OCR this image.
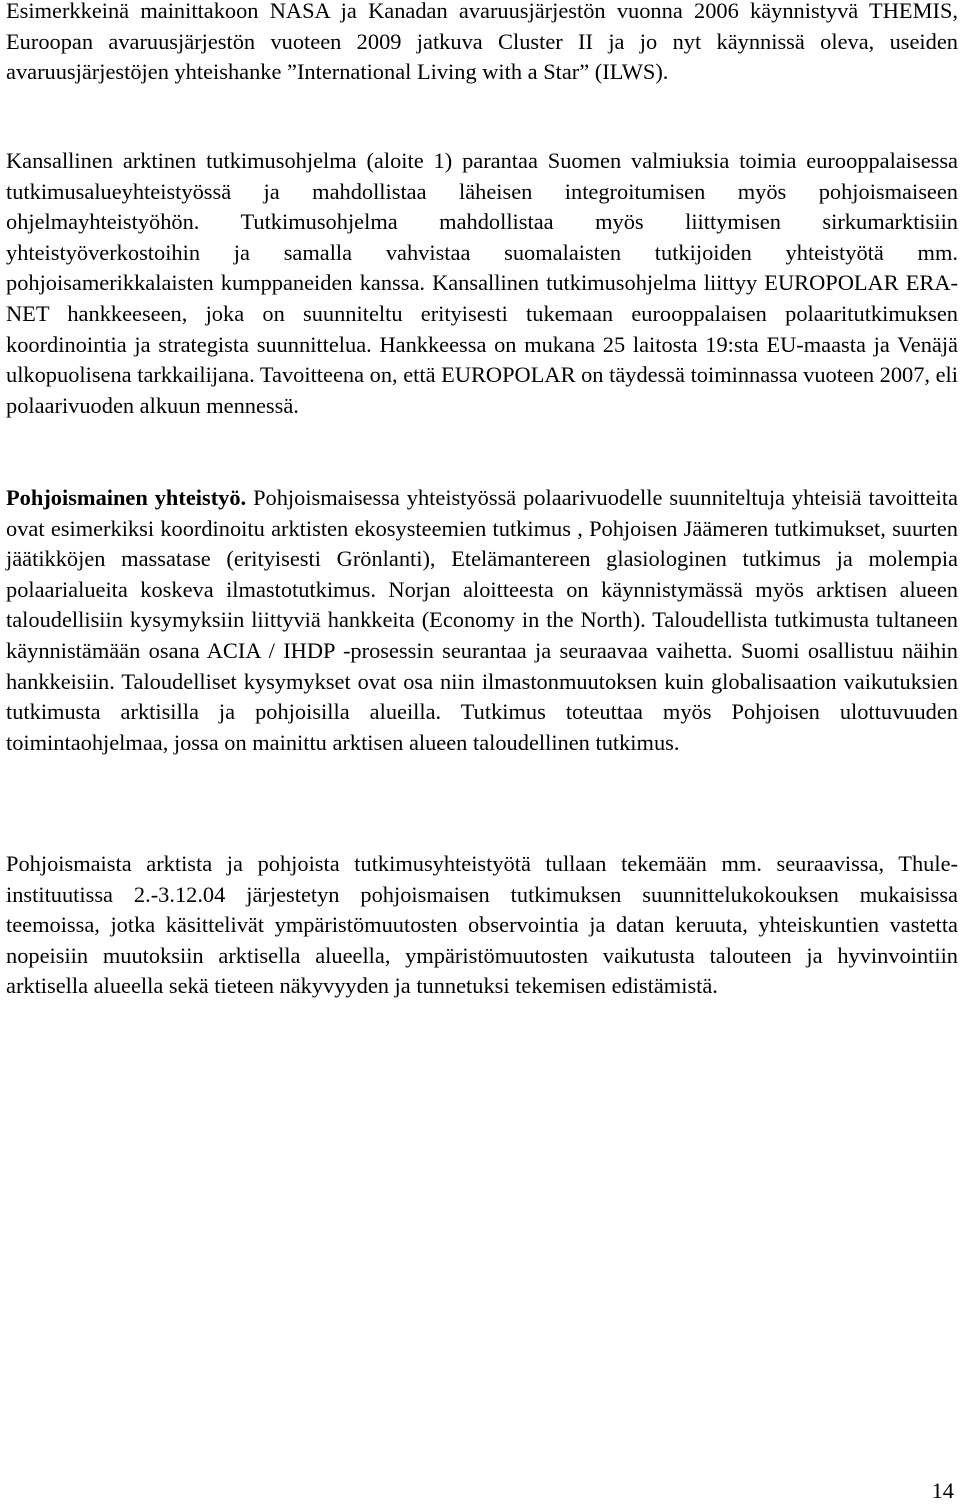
Esimerkkeinä mainittakoon NASA ja Kanadan avaruusjärjestön vuonna 2006 käynnistyvä THEMIS, Euroopan avaruusjärjestön vuoteen 2009 jatkuva Cluster II ja jo nyt käynnissä oleva, useiden avaruusjärjestöjen yhteishanke ”International Living with a Star” (ILWS).

Kansallinen arktinen tutkimusohjelma (aloite 1) parantaa Suomen valmiuksia toimia eurooppalaisessa tutkimusalueyhteistyössä ja mahdollistaa läheisen integroitumisen myös pohjoismaiseen ohjelmayhteistyöhön. Tutkimusohjelma mahdollistaa myös liittymisen sirkumarktisiin yhteistyöverkostoihin ja samalla vahvistaa suomalaisten tutkijoiden yhteistyötä mm. pohjoisamerikkalaisten kumppaneiden kanssa. Kansallinen tutkimusohjelma liittyy EUROPOLAR ERA-NET hankkeeseen, joka on suunniteltu erityisesti tukemaan eurooppalaisen polaaritutkimuksen koordinointia ja strategista suunnittelua. Hankkeessa on mukana 25 laitosta 19:sta EU-maasta ja Venäjä ulkopuolisena tarkkailijana. Tavoitteena on, että EUROPOLAR on täydessä toiminnassa vuoteen 2007, eli polaarivuoden alkuun mennessä.

Pohjoismainen yhteistyö. Pohjoismaisessa yhteistyössä polaarivuodelle suunniteltuja yhteisiä tavoitteita ovat esimerkiksi koordinoitu arktisten ekosysteemien tutkimus , Pohjoisen Jäämeren tutkimukset, suurten jäätikköjen massatase (erityisesti Grönlanti), Etelämantereen glasiologinen tutkimus ja molempia polaarialueita koskeva ilmastotutkimus. Norjan aloitteesta on käynnistymässä myös arktisen alueen taloudellisiin kysymyksiin liittyviä hankkeita (Economy in the North). Taloudellista tutkimusta tultaneen käynnistämään osana ACIA / IHDP -prosessin seurantaa ja seuraavaa vaihetta. Suomi osallistuu näihin hankkeisiin. Taloudelliset kysymykset ovat osa niin ilmastonmuutoksen kuin globalisaation vaikutuksien tutkimusta arktisilla ja pohjoisilla alueilla. Tutkimus toteuttaa myös Pohjoisen ulottuvuuden toimintaohjelmaa, jossa on mainittu arktisen alueen taloudellinen tutkimus.

Pohjoismaista arktista ja pohjoista tutkimusyhteistyötä tullaan tekemään mm. seuraavissa, Thule-instituutissa 2.-3.12.04 järjestetyn pohjoismaisen tutkimuksen suunnittelukokouksen mukaisissa teemoissa, jotka käsittelivät ympäristömuutosten observointia ja datan keruuta, yhteiskuntien vastetta nopeisiin muutoksiin arktisella alueella, ympäristömuutosten vaikutusta talouteen ja hyvinvointiin arktisella alueella sekä tieteen näkyvyyden ja tunnetuksi tekemisen edistämistä.

14
